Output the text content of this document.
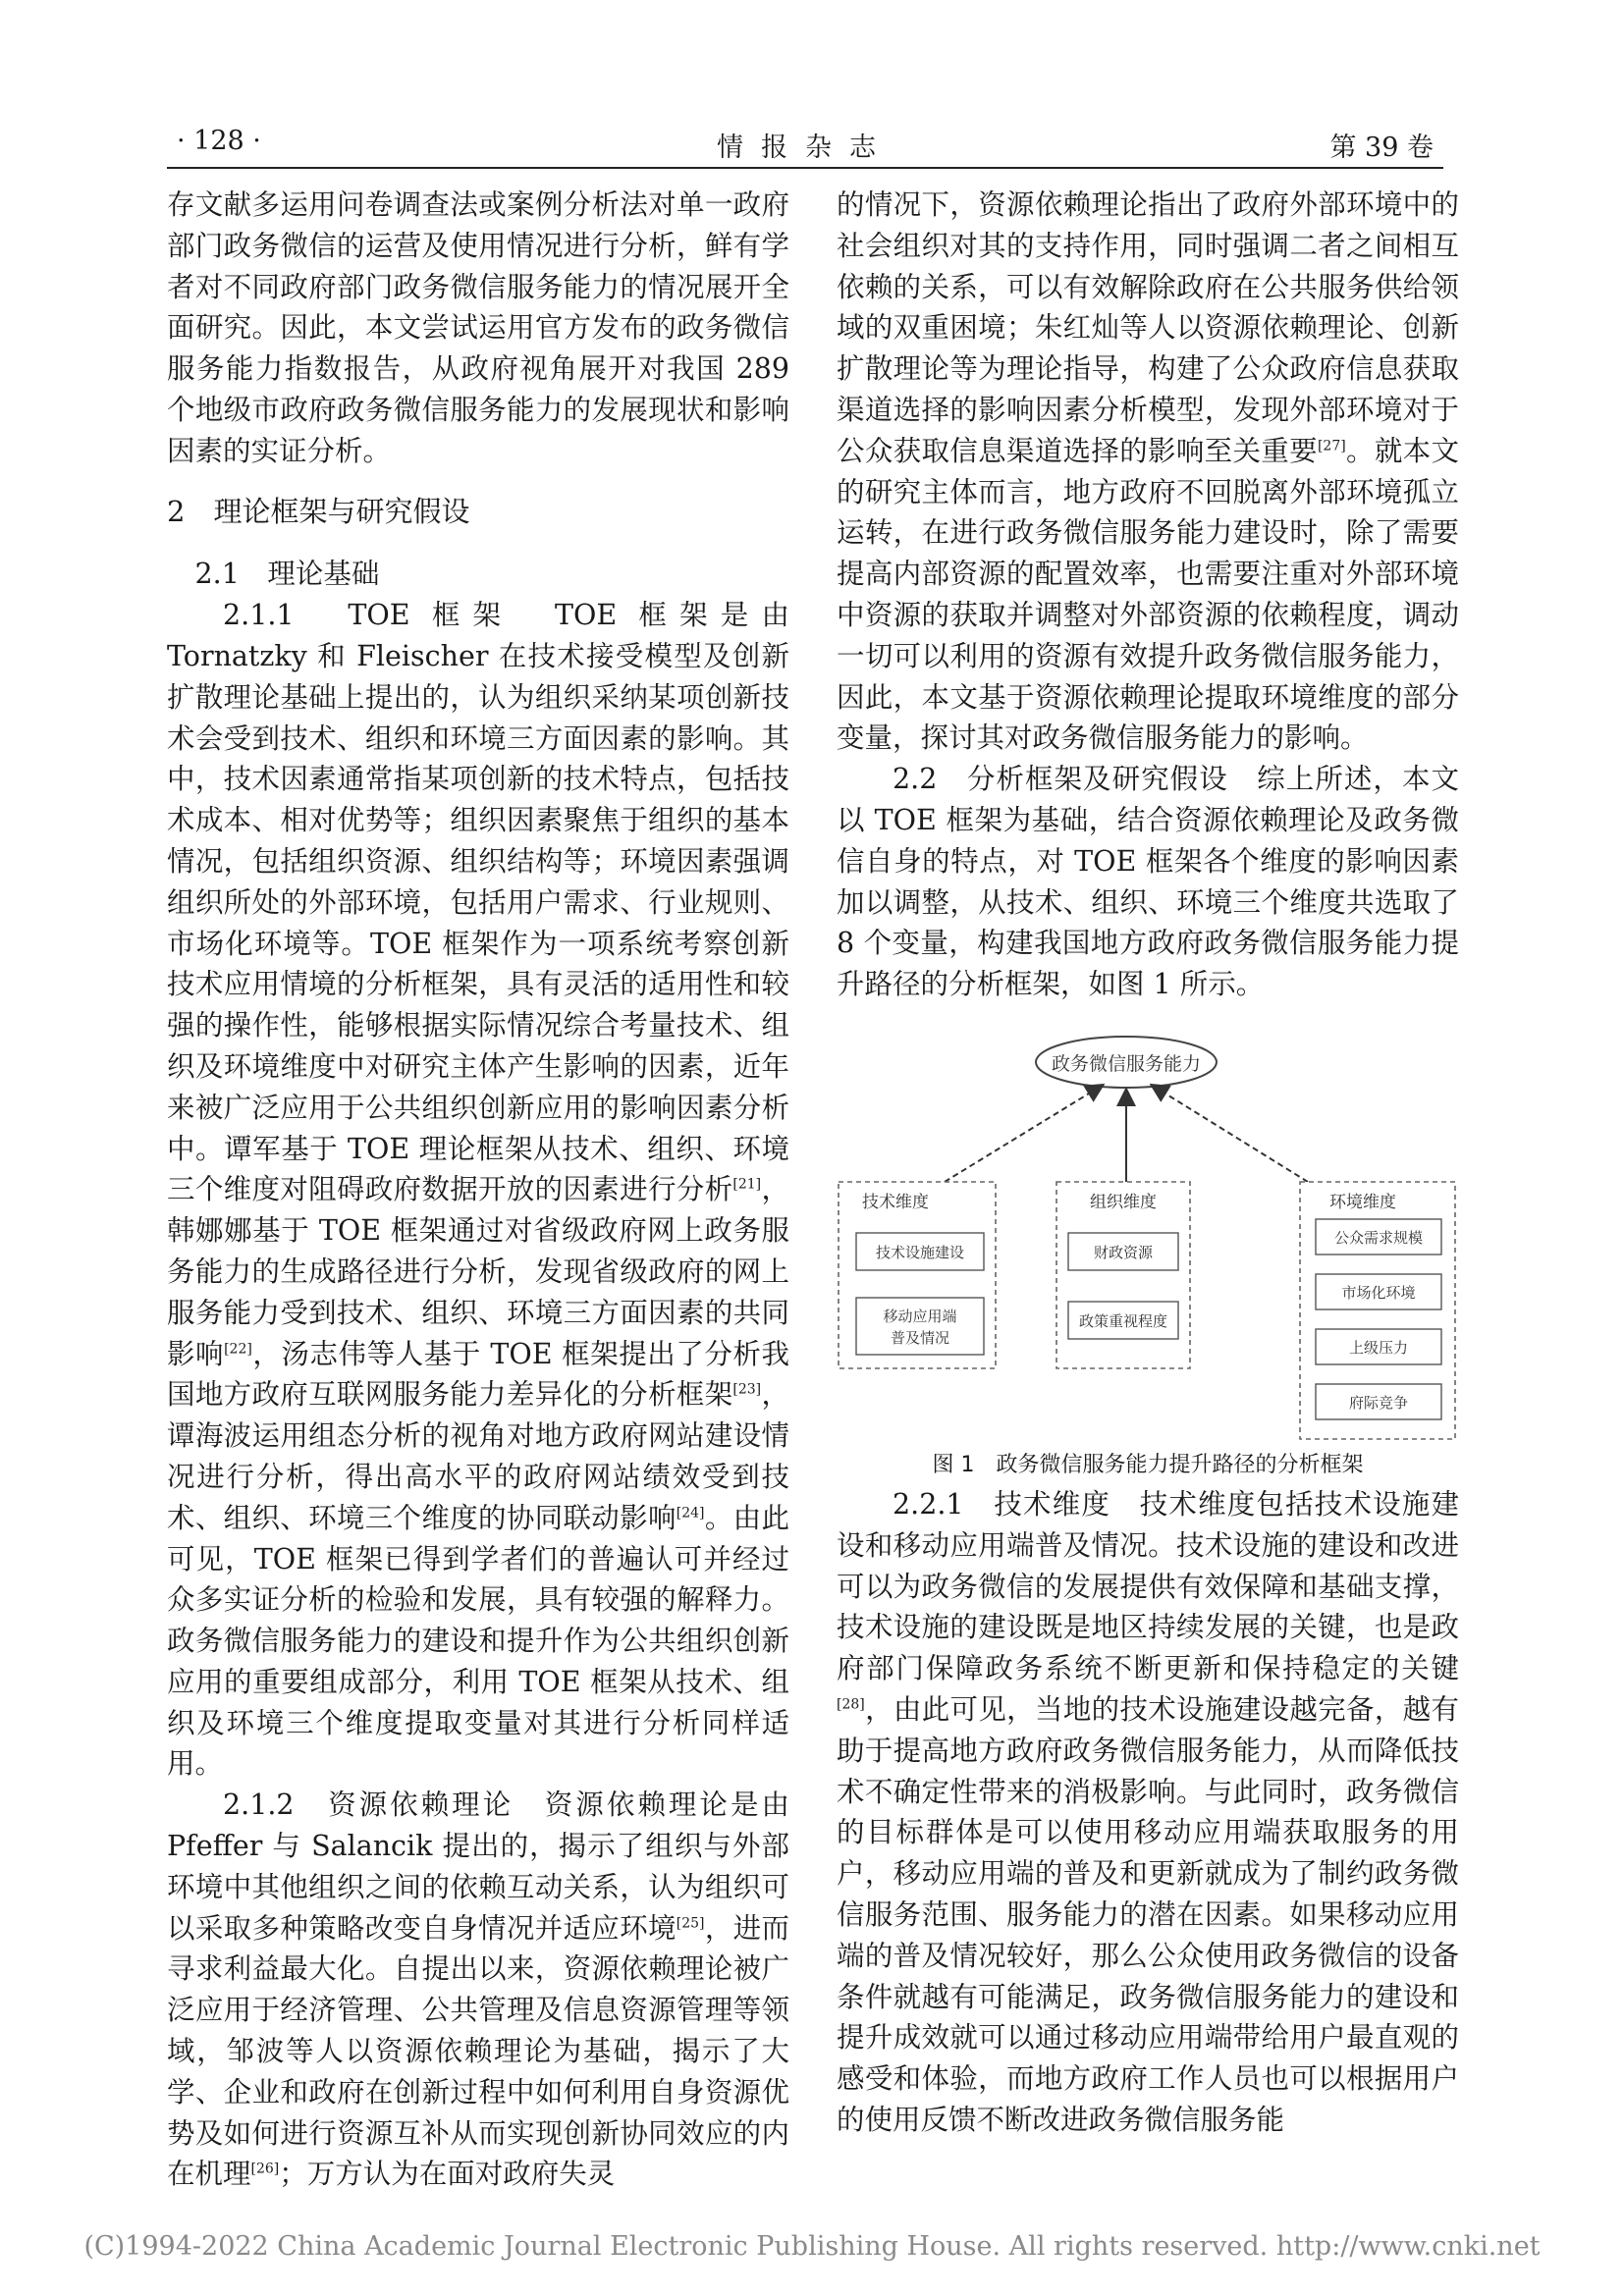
· 128 ·	情报杂志	第 39 卷

存文献多运用问卷调查法或案例分析法对单一政府部门政务微信的运营及使用情况进行分析，鲜有学者对不同政府部门政务微信服务能力的情况展开全面研究。因此，本文尝试运用官方发布的政务微信服务能力指数报告，从政府视角展开对我国 289 个地级市政府政务微信服务能力的发展现状和影响因素的实证分析。

2　理论框架与研究假设

2.1　理论基础

2.1.1　TOE 框架　TOE 框架是由 Tornatzky 和 Fleischer 在技术接受模型及创新扩散理论基础上提出的，认为组织采纳某项创新技术会受到技术、组织和环境三方面因素的影响。其中，技术因素通常指某项创新的技术特点，包括技术成本、相对优势等；组织因素聚焦于组织的基本情况，包括组织资源、组织结构等；环境因素强调组织所处的外部环境，包括用户需求、行业规则、市场化环境等。TOE 框架作为一项系统考察创新技术应用情境的分析框架，具有灵活的适用性和较强的操作性，能够根据实际情况综合考量技术、组织及环境维度中对研究主体产生影响的因素，近年来被广泛应用于公共组织创新应用的影响因素分析中。谭军基于 TOE 理论框架从技术、组织、环境三个维度对阻碍政府数据开放的因素进行分析[21]，韩娜娜基于 TOE 框架通过对省级政府网上政务服务能力的生成路径进行分析，发现省级政府的网上服务能力受到技术、组织、环境三方面因素的共同影响[22]，汤志伟等人基于 TOE 框架提出了分析我国地方政府互联网服务能力差异化的分析框架[23]，谭海波运用组态分析的视角对地方政府网站建设情况进行分析，得出高水平的政府网站绩效受到技术、组织、环境三个维度的协同联动影响[24]。由此可见，TOE 框架已得到学者们的普遍认可并经过众多实证分析的检验和发展，具有较强的解释力。政务微信服务能力的建设和提升作为公共组织创新应用的重要组成部分，利用 TOE 框架从技术、组织及环境三个维度提取变量对其进行分析同样适用。

2.1.2　资源依赖理论　资源依赖理论是由 Pfeffer 与 Salancik 提出的，揭示了组织与外部环境中其他组织之间的依赖互动关系，认为组织可以采取多种策略改变自身情况并适应环境[25]，进而寻求利益最大化。自提出以来，资源依赖理论被广泛应用于经济管理、公共管理及信息资源管理等领域，邹波等人以资源依赖理论为基础，揭示了大学、企业和政府在创新过程中如何利用自身资源优势及如何进行资源互补从而实现创新协同效应的内在机理[26]；万方认为在面对政府失灵

的情况下，资源依赖理论指出了政府外部环境中的社会组织对其的支持作用，同时强调二者之间相互依赖的关系，可以有效解除政府在公共服务供给领域的双重困境；朱红灿等人以资源依赖理论、创新扩散理论等为理论指导，构建了公众政府信息获取渠道选择的影响因素分析模型，发现外部环境对于公众获取信息渠道选择的影响至关重要[27]。就本文的研究主体而言，地方政府不回脱离外部环境孤立运转，在进行政务微信服务能力建设时，除了需要提高内部资源的配置效率，也需要注重对外部环境中资源的获取并调整对外部资源的依赖程度，调动一切可以利用的资源有效提升政务微信服务能力，因此，本文基于资源依赖理论提取环境维度的部分变量，探讨其对政务微信服务能力的影响。

2.2　分析框架及研究假设　综上所述，本文以 TOE 框架为基础，结合资源依赖理论及政务微信自身的特点，对 TOE 框架各个维度的影响因素加以调整，从技术、组织、环境三个维度共选取了 8 个变量，构建我国地方政府政务微信服务能力提升路径的分析框架，如图 1 所示。

政务微信服务能力
技术维度
技术设施建设
移动应用端
普及情况
组织维度
财政资源
政策重视程度
环境维度
公众需求规模
市场化环境
上级压力
府际竞争

图 1　政务微信服务能力提升路径的分析框架

2.2.1　技术维度　技术维度包括技术设施建设和移动应用端普及情况。技术设施的建设和改进可以为政务微信的发展提供有效保障和基础支撑，技术设施的建设既是地区持续发展的关键，也是政府部门保障政务系统不断更新和保持稳定的关键[28]，由此可见，当地的技术设施建设越完备，越有助于提高地方政府政务微信服务能力，从而降低技术不确定性带来的消极影响。与此同时，政务微信的目标群体是可以使用移动应用端获取服务的用户，移动应用端的普及和更新就成为了制约政务微信服务范围、服务能力的潜在因素。如果移动应用端的普及情况较好，那么公众使用政务微信的设备条件就越有可能满足，政务微信服务能力的建设和提升成效就可以通过移动应用端带给用户最直观的感受和体验，而地方政府工作人员也可以根据用户的使用反馈不断改进政务微信服务能

(C)1994-2022 China Academic Journal Electronic Publishing House. All rights reserved. http://www.cnki.net
